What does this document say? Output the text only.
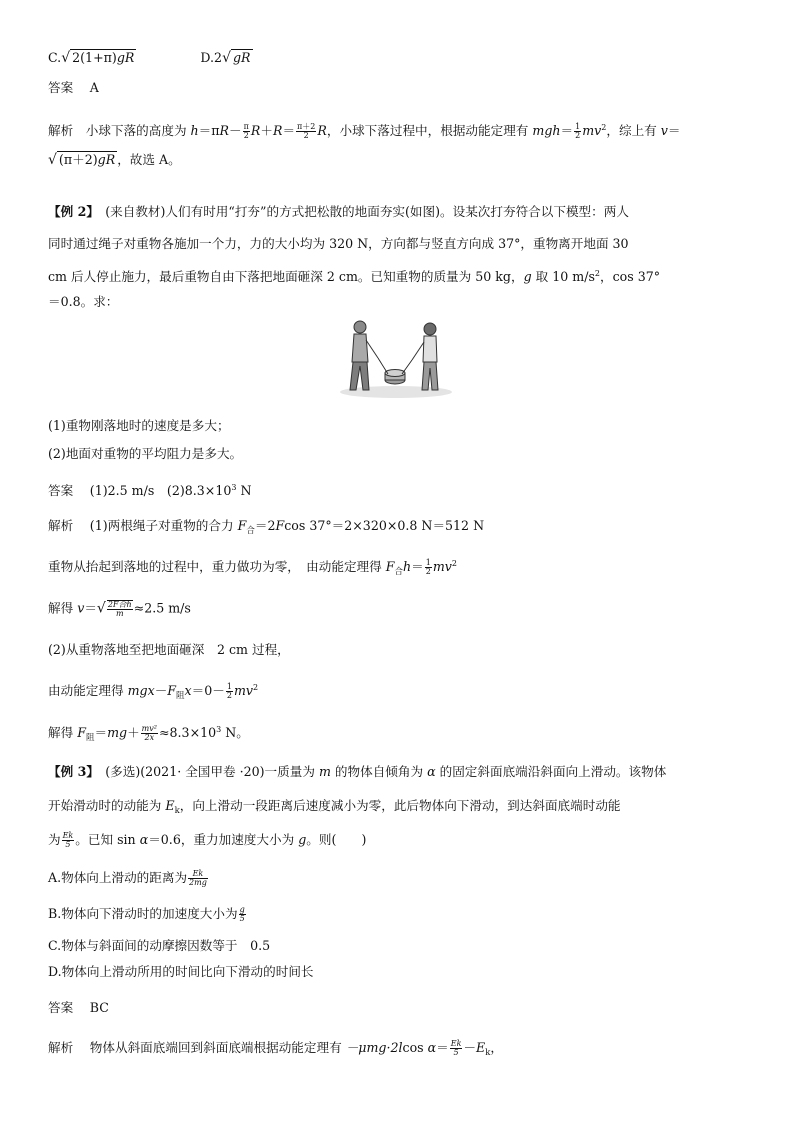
C.√ 2(1+π)gR	D.2√ gR
答案　 A
解析　 小球下落的高度为 $h=\pi R- \frac{\pi}{2} R+R= \frac{\pi+2}{2}$ R，小球下落过程中，根据动能定理有 $mgh= \frac{1}{2} mv^2$，综上有 v＝
√ (π＋2)gR ，故选 A。
【例 2】　 (来自教材)人们有时用“打夯”的方式把松散的地面夯实(如图)。设某次打夯符合以下模型：两人
同时通过绳子对重物各施加一个力，力的大小均为 320 N，方向都与竖直方向成 37°，重物离开地面 30
cm 后人停止施力，最后重物自由下落把地面砸深 2 cm。已知重物的质量为 50 kg，g 取 10 $m/s^2$，cos 37°
＝0.8。求：
(1)重物刚落地时的速度是多大；
(2)地面对重物的平均阻力是多大。
答案　 (1)2.5 m/s　$(2)8.3\times 10^3$ N
解析　 (1)两根绳子对重物的合力 $F_合=2Fcos$ 37°＝2×320×0.8 N＝512 N
重物从抬起到落地的过程中，重力做功为零，　由动能定理得 $F_合h= \frac{1}{2} mv^2$
解得 $v=√ \frac{\text{2F合h}}{m} \approx 2.5$ m/s
(2)从重物落地至把地面砸深　2 cm 过程，
由动能定理得 $mgx-F_阻x=0- \frac{1}{2} mv^2$
解得 $F_阻=mg+ \frac{\text{mv²}}{2x} \approx 8.3\times 10^3$ N。
【例 3】　 (多选)(2021· 全国甲卷 ·20)一质量为 m 的物体自倾角为 α 的固定斜面底端沿斜面向上滑动。该物体
开始滑动时的动能为 $E_k$，向上滑动一段距离后速度减小为零，此后物体向下滑动，到达斜面底端时动能
为 $\frac{Ek}{5}$ 。已知 sin α＝0.6，重力加速度大小为 g。则(　　)
A.物体向上滑动的距离为 $\frac{Ek}{2mg}$
B.物体向下滑动时的加速度大小为 $\frac{g}{5}$
C.物体与斜面间的动摩擦因数等于　0.5
D.物体向上滑动所用的时间比向下滑动的时间长
答案　 BC
解析　 物体从斜面底端回到斜面底端根据动能定理有 －μmg·2lcos $\alpha= \frac{Ek}{5} -E_k$，
